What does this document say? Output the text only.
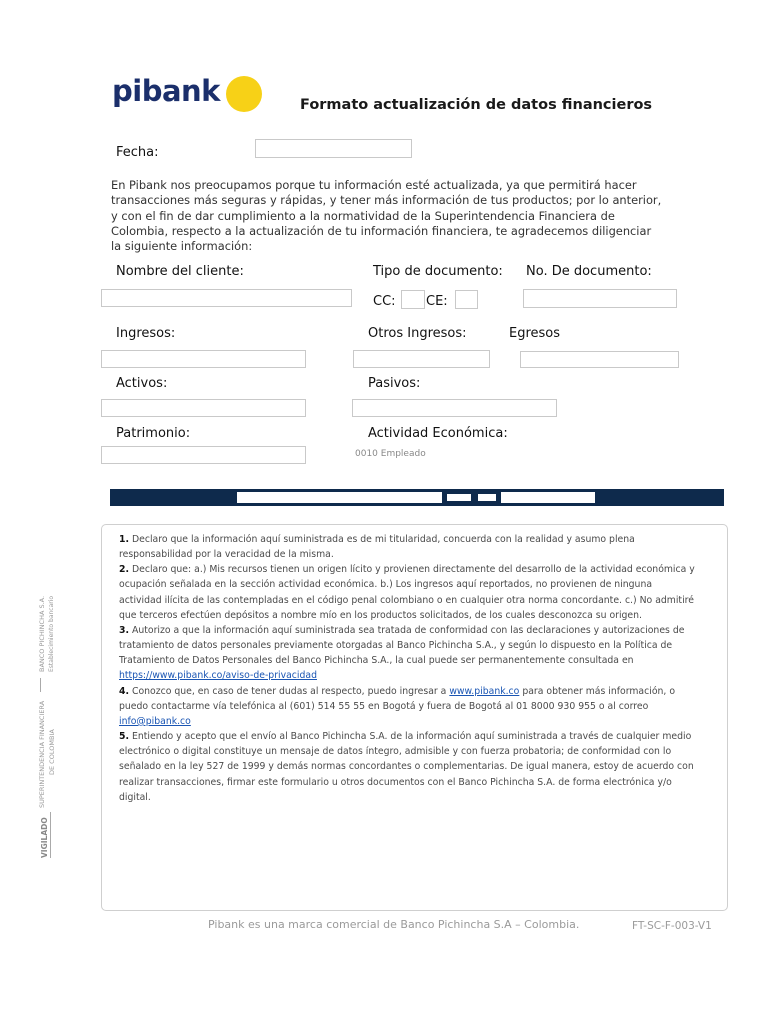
pibank	Formato actualización de datos financieros
Fecha:
En Pibank nos preocupamos porque tu información esté actualizada, ya que permitirá hacer
transacciones más seguras y rápidas, y tener más información de tus productos; por lo anterior,
y con el fin de dar cumplimiento a la normatividad de la Superintendencia Financiera de
Colombia, respecto a la actualización de tu información financiera, te agradecemos diligenciar
la siguiente información:
Nombre del cliente:	Tipo de documento: No. De documento:
CC: CE:
Ingresos:	Otros Ingresos:	Egresos
Activos:	Pasivos:
Patrimonio:	Actividad Económica:
0010 Empleado
1. Declaro que la información aquí suministrada es de mi titularidad, concuerda con la realidad y asumo plena
responsabilidad por la veracidad de la misma.
2. Declaro que: a.) Mis recursos tienen un origen lícito y provienen directamente del desarrollo de la actividad económica y
ocupación señalada en la sección actividad económica. b.) Los ingresos aquí reportados, no provienen de ninguna
actividad ilícita de las contempladas en el código penal colombiano o en cualquier otra norma concordante. c.) No admitiré
que terceros efectúen depósitos a nombre mío en los productos solicitados, de los cuales desconozca su origen.
3. Autorizo a que la información aquí suministrada sea tratada de conformidad con las declaraciones y autorizaciones de
tratamiento de datos personales previamente otorgadas al Banco Pichincha S.A., y según lo dispuesto en la Política de
Tratamiento de Datos Personales del Banco Pichincha S.A., la cual puede ser permanentemente consultada en
https://www.pibank.co/aviso-de-privacidad
4. Conozco que, en caso de tener dudas al respecto, puedo ingresar a www.pibank.co para obtener más información, o
puedo contactarme vía telefónica al (601) 514 55 55 en Bogotá y fuera de Bogotá al 01 8000 930 955 o al correo
info@pibank.co
5. Entiendo y acepto que el envío al Banco Pichincha S.A. de la información aquí suministrada a través de cualquier medio
electrónico o digital constituye un mensaje de datos íntegro, admisible y con fuerza probatoria; de conformidad con lo
señalado en la ley 527 de 1999 y demás normas concordantes o complementarias. De igual manera, estoy de acuerdo con
realizar transacciones, firmar este formulario u otros documentos con el Banco Pichincha S.A. de forma electrónica y/o
digital.
VIGILADO
SUPERINTENDENCIA FINANCIERA DE COLOMBIA
BANCO PICHINCHA S.A. Establecimiento bancario
Pibank es una marca comercial de Banco Pichincha S.A – Colombia.	FT-SC-F-003-V1
